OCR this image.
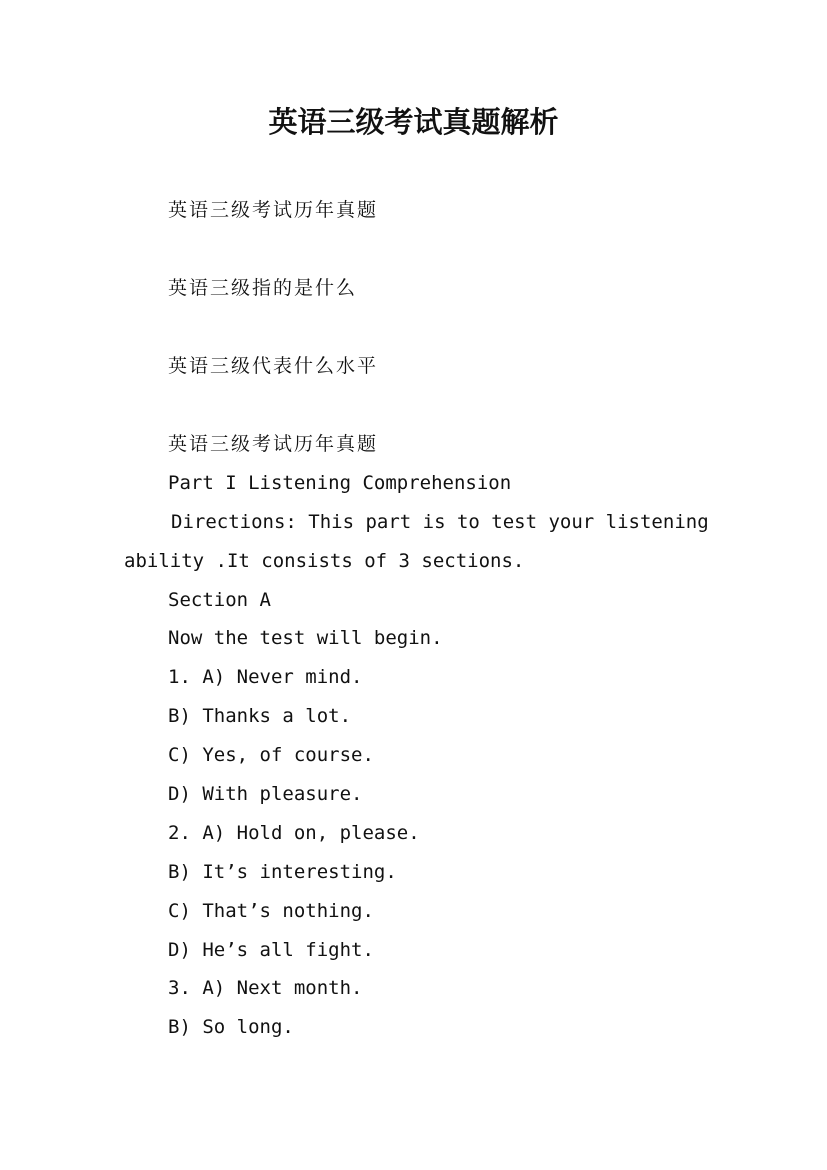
英语三级考试真题解析
英语三级考试历年真题
英语三级指的是什么
英语三级代表什么水平
英语三级考试历年真题
Part I Listening Comprehension
Directions: This part is to test your listening
ability .It consists of 3 sections.
Section A
Now the test will begin.
1. A) Never mind.
B) Thanks a lot.
C) Yes, of course.
D) With pleasure.
2. A) Hold on, please.
B) It’s interesting.
C) That’s nothing.
D) He’s all fight.
3. A) Next month.
B) So long.
